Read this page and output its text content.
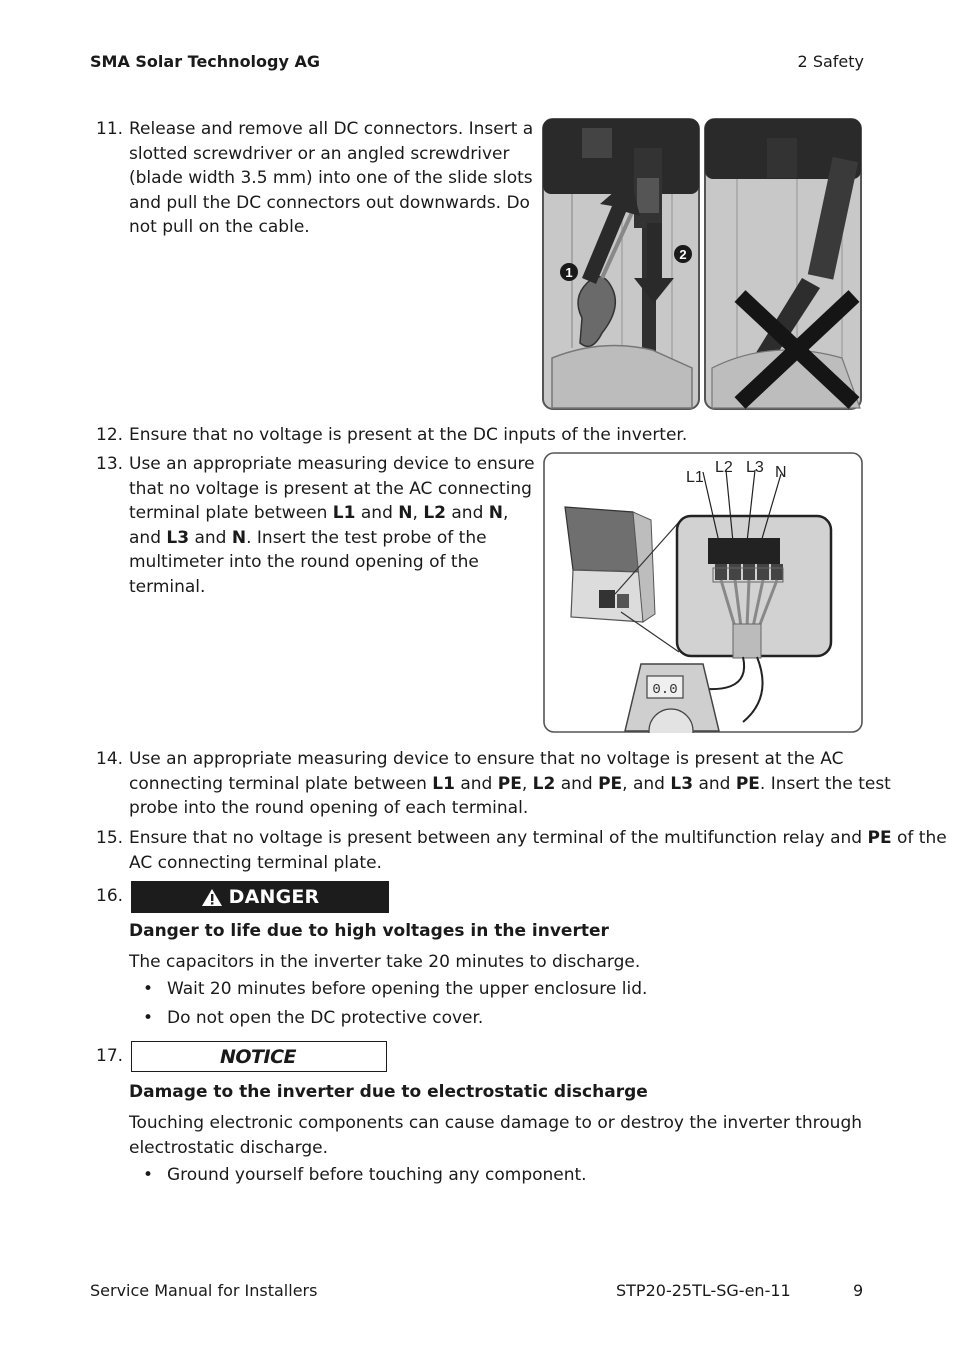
SMA Solar Technology AG	2 Safety
11. Release and remove all DC connectors. Insert a
slotted screwdriver or an angled screwdriver
(blade width 3.5 mm) into one of the slide slots
and pull the DC connectors out downwards. Do
not pull on the cable.
1
2
12. Ensure that no voltage is present at the DC inputs of the inverter.
13. Use an appropriate measuring device to ensure
that no voltage is present at the AC connecting
terminal plate between L1 and N, L2 and N,
and L3 and N. Insert the test probe of the
multimeter into the round opening of the
terminal.
L1
L2 L3 N
0.0
14. Use an appropriate measuring device to ensure that no voltage is present at the AC
connecting terminal plate between L1 and PE, L2 and PE, and L3 and PE. Insert the test
probe into the round opening of each terminal.
15. Ensure that no voltage is present between any terminal of the multifunction relay and PE of the
AC connecting terminal plate.
16.	DANGER
Danger to life due to high voltages in the inverter
The capacitors in the inverter take 20 minutes to discharge.
• Wait 20 minutes before opening the upper enclosure lid.
• Do not open the DC protective cover.
17.	NOTICE
Damage to the inverter due to electrostatic discharge
Touching electronic components can cause damage to or destroy the inverter through
electrostatic discharge.
• Ground yourself before touching any component.
Service Manual for Installers	STP20-25TL-SG-en-11	9
